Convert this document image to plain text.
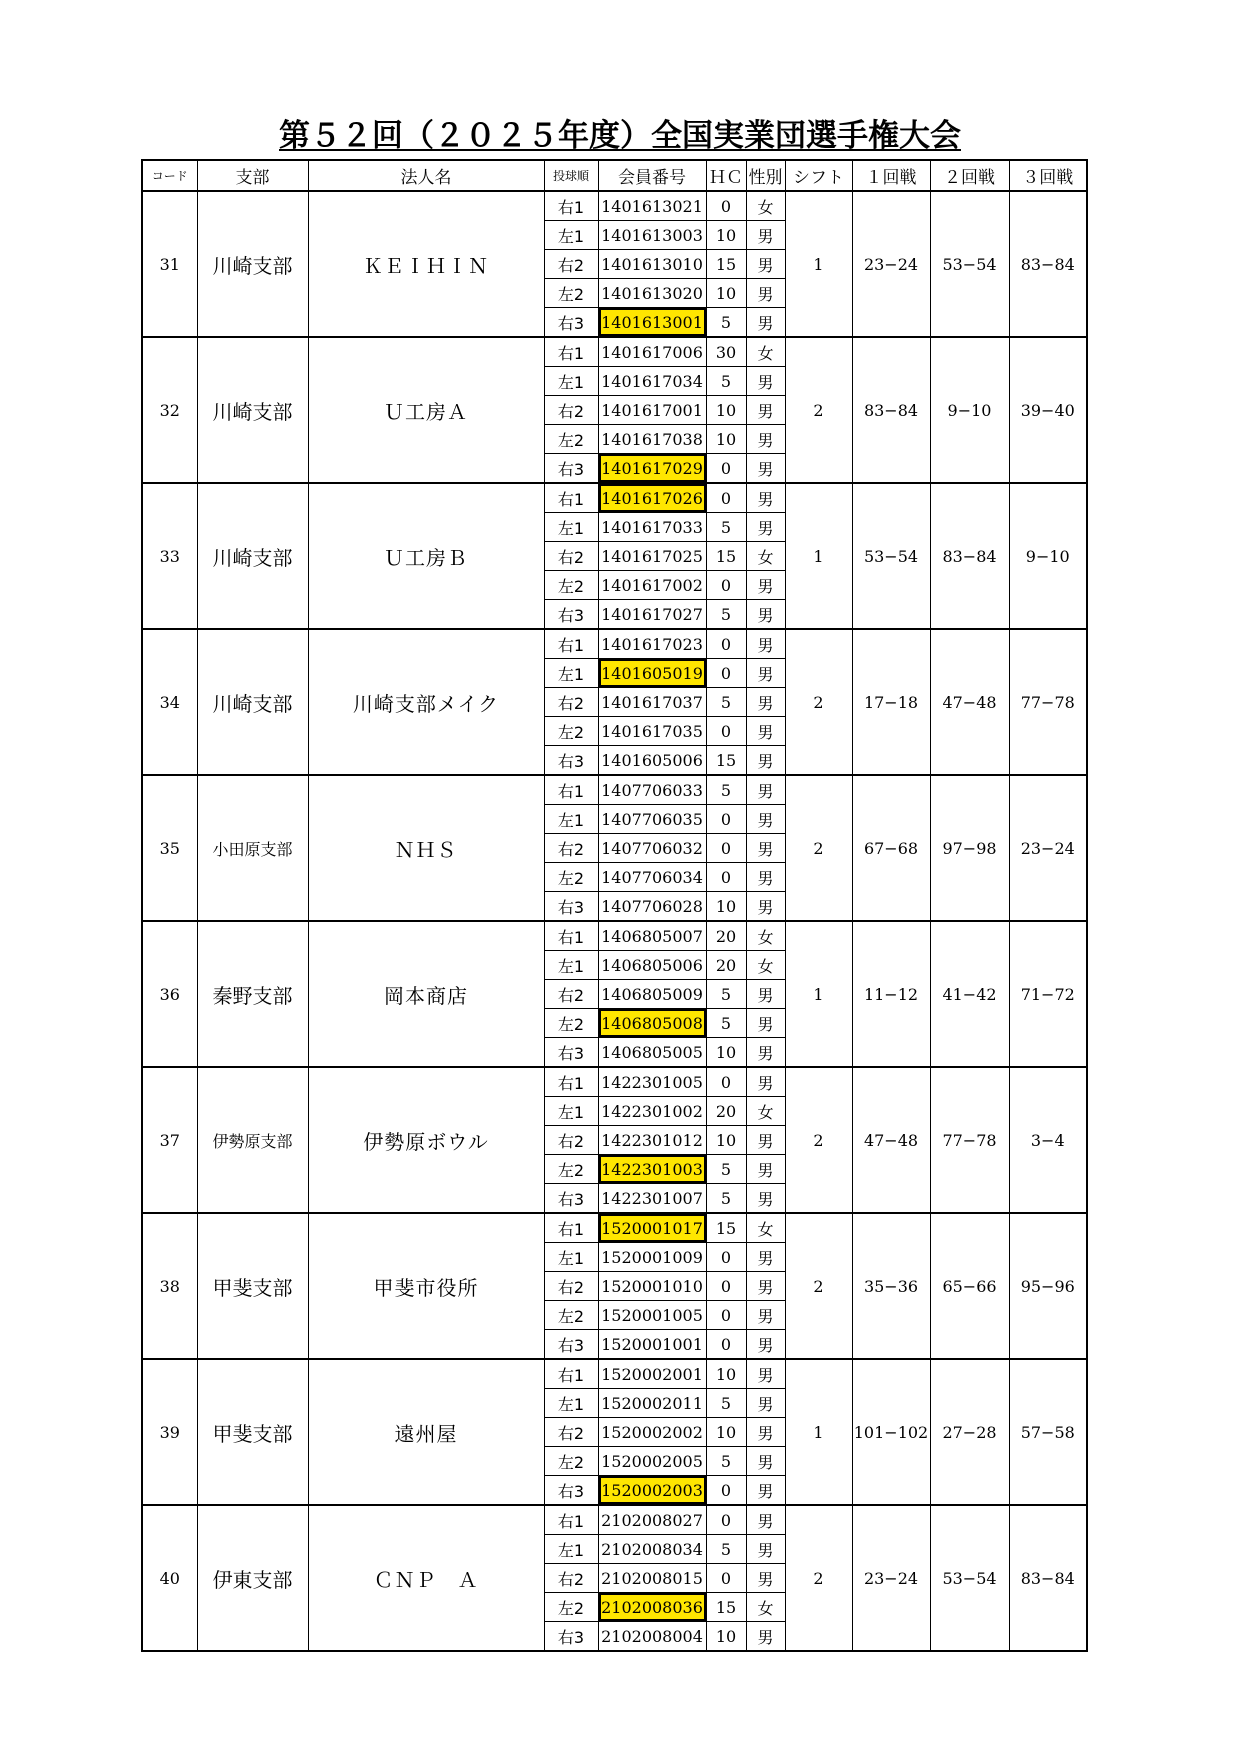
第５２回（２０２５年度）全国実業団選手権大会
コード	支部	法人名	投球順	会員番号	ＨＣ	性別	シフト	１回戦	２回戦	３回戦
31	川崎支部	ＫＥＩＨＩＮ	右1	1401613021	0	女	1	23−24	53−54	83−84
			左1	1401613003	10	男				
			右2	1401613010	15	男				
			左2	1401613020	10	男				
			右3	1401613001	5	男				
32	川崎支部	Ｕ工房Ａ	右1	1401617006	30	女	2	83−84	9−10	39−40
			左1	1401617034	5	男				
			右2	1401617001	10	男				
			左2	1401617038	10	男				
			右3	1401617029	0	男				
33	川崎支部	Ｕ工房Ｂ	右1	1401617026	0	男	1	53−54	83−84	9−10
			左1	1401617033	5	男				
			右2	1401617025	15	女				
			左2	1401617002	0	男				
			右3	1401617027	5	男				
34	川崎支部	川崎支部メイク	右1	1401617023	0	男	2	17−18	47−48	77−78
			左1	1401605019	0	男				
			右2	1401617037	5	男				
			左2	1401617035	0	男				
			右3	1401605006	15	男				
35	小田原支部	ＮＨＳ	右1	1407706033	5	男	2	67−68	97−98	23−24
			左1	1407706035	0	男				
			右2	1407706032	0	男				
			左2	1407706034	0	男				
			右3	1407706028	10	男				
36	秦野支部	岡本商店	右1	1406805007	20	女	1	11−12	41−42	71−72
			左1	1406805006	20	女				
			右2	1406805009	5	男				
			左2	1406805008	5	男				
			右3	1406805005	10	男				
37	伊勢原支部	伊勢原ボウル	右1	1422301005	0	男	2	47−48	77−78	3−4
			左1	1422301002	20	女				
			右2	1422301012	10	男				
			左2	1422301003	5	男				
			右3	1422301007	5	男				
38	甲斐支部	甲斐市役所	右1	1520001017	15	女	2	35−36	65−66	95−96
			左1	1520001009	0	男				
			右2	1520001010	0	男				
			左2	1520001005	0	男				
			右3	1520001001	0	男				
39	甲斐支部	遠州屋	右1	1520002001	10	男	1	101−102	27−28	57−58
			左1	1520002011	5	男				
			右2	1520002002	10	男				
			左2	1520002005	5	男				
			右3	1520002003	0	男				
40	伊東支部	ＣＮＰ　Ａ	右1	2102008027	0	男	2	23−24	53−54	83−84
			左1	2102008034	5	男				
			右2	2102008015	0	男				
			左2	2102008036	15	女				
			右3	2102008004	10	男				
